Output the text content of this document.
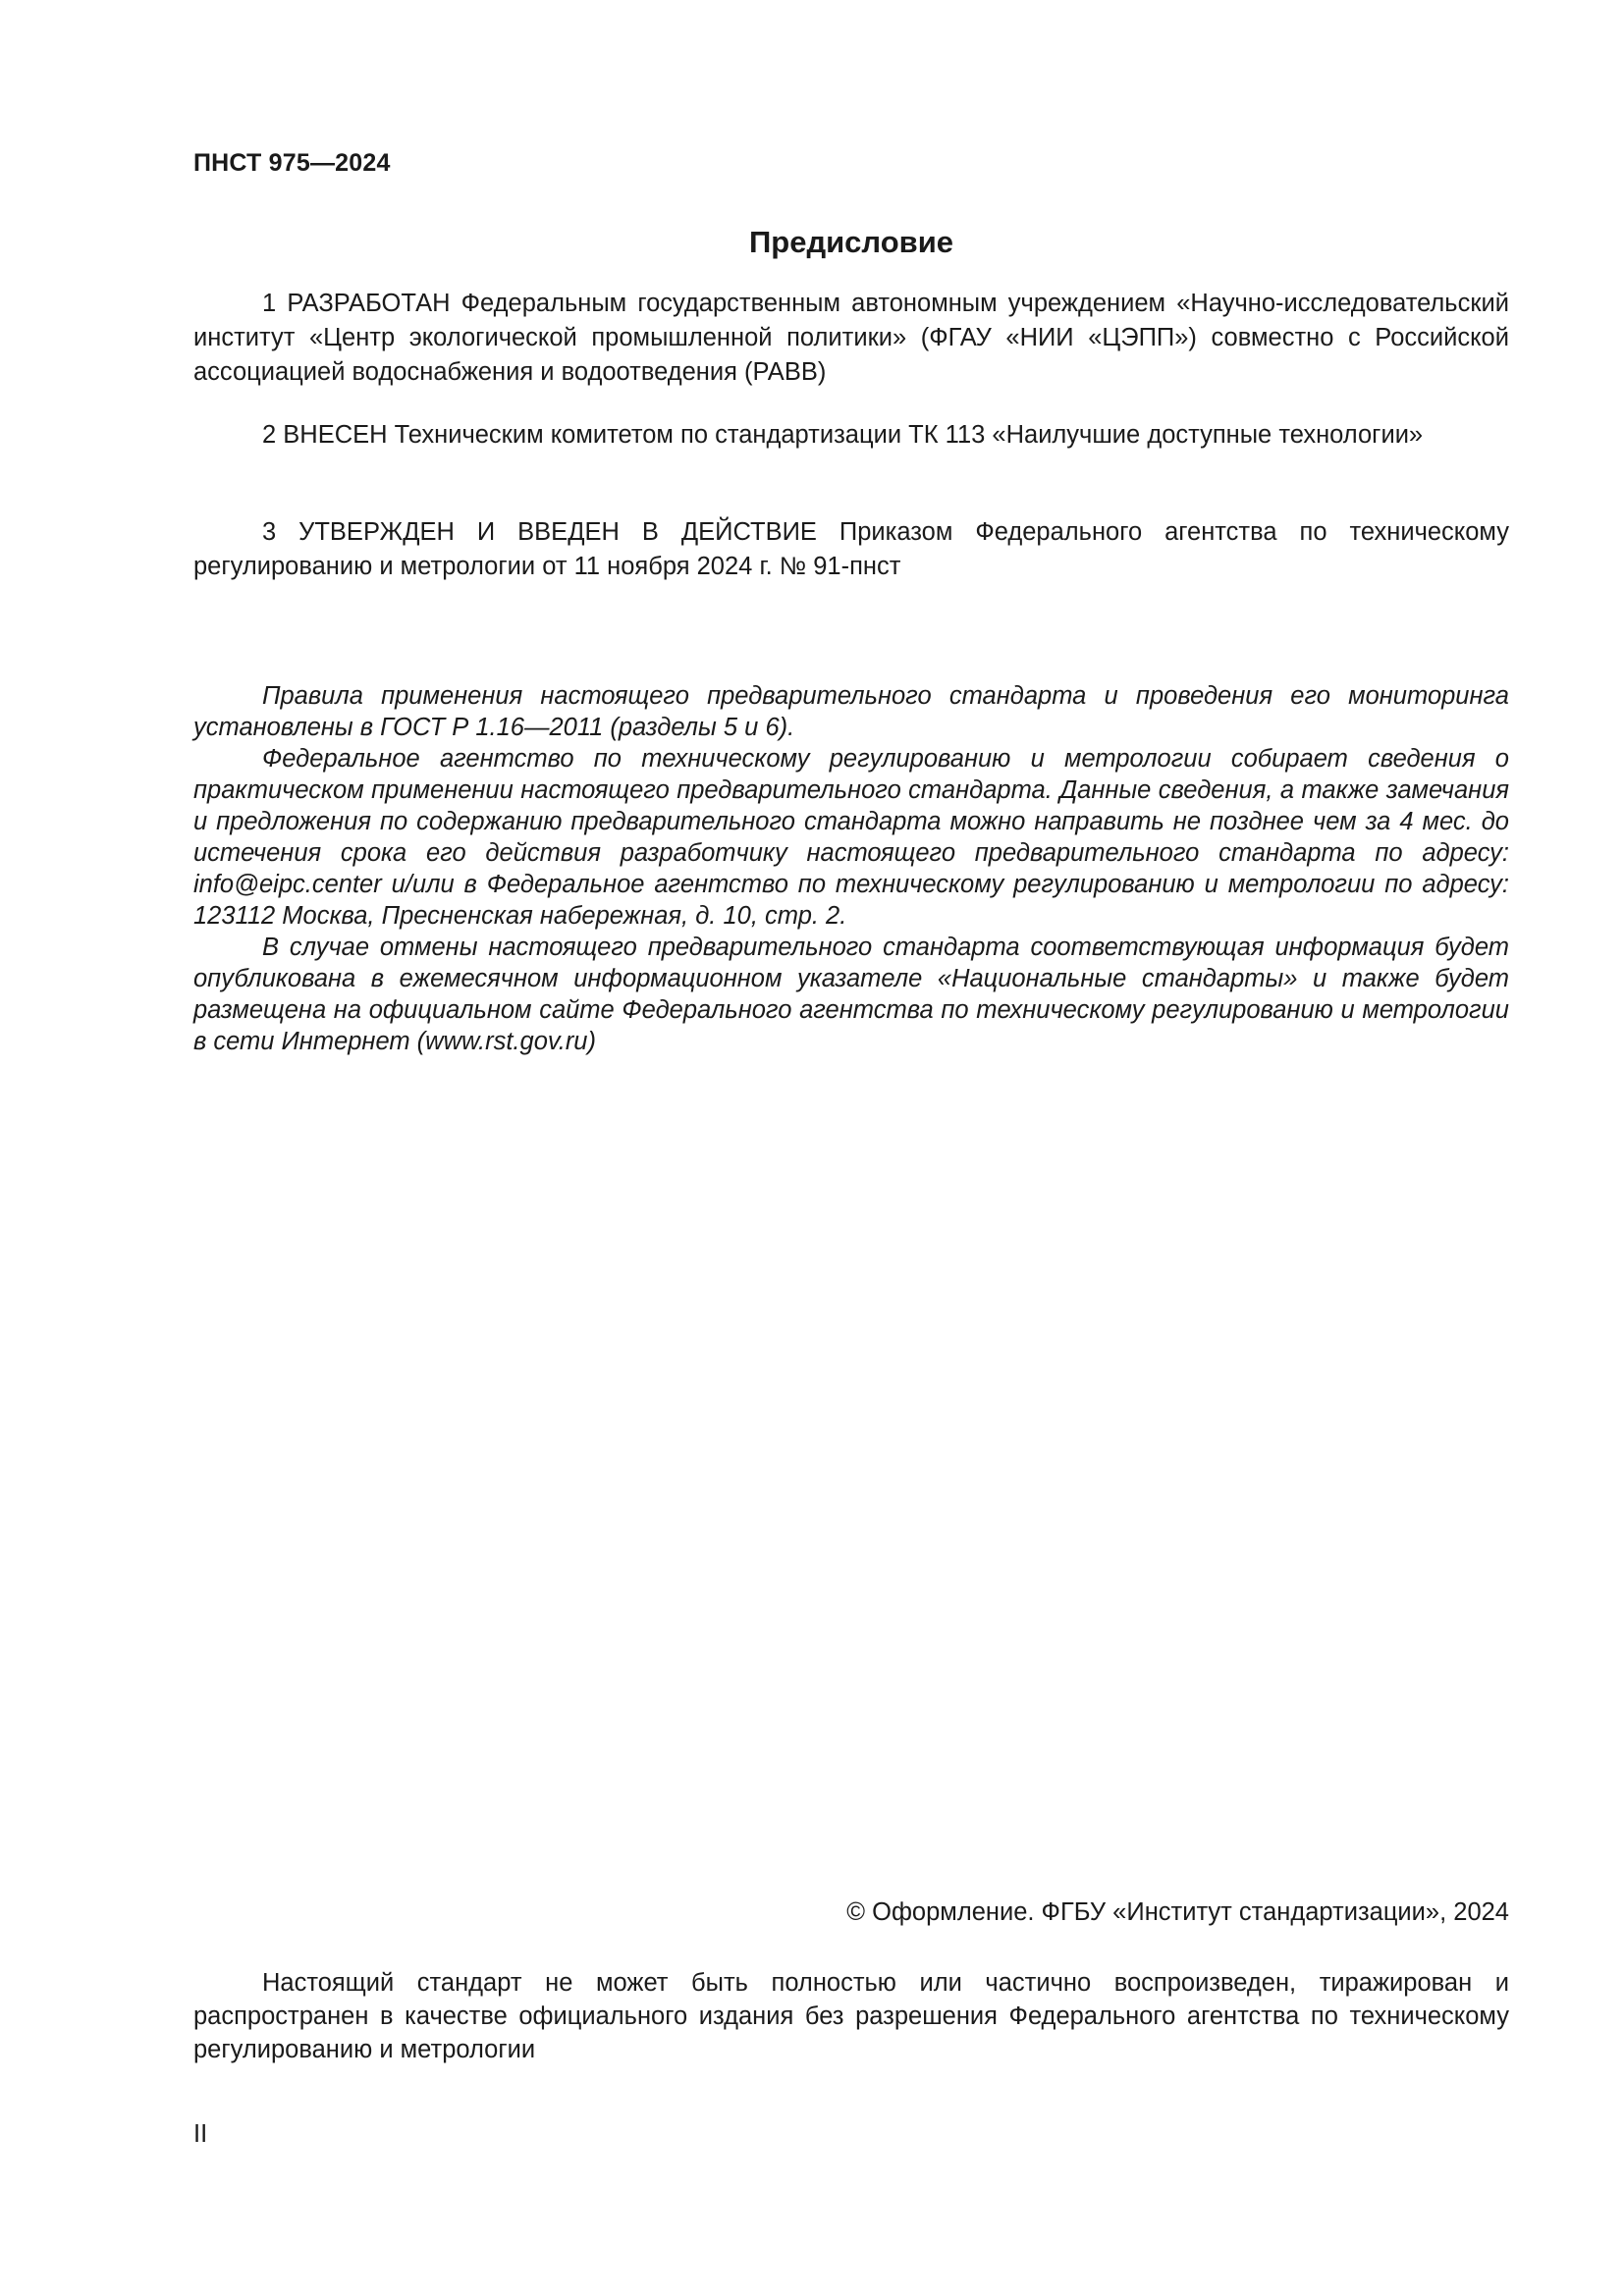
ПНСТ 975—2024
Предисловие

1 РАЗРАБОТАН Федеральным государственным автономным учреждением «Научно-исследовательский институт «Центр экологической промышленной политики» (ФГАУ «НИИ «ЦЭПП») совместно с Российской ассоциацией водоснабжения и водоотведения (РАВВ)

2 ВНЕСЕН Техническим комитетом по стандартизации ТК 113 «Наилучшие доступные технологии»

3 УТВЕРЖДЕН И ВВЕДЕН В ДЕЙСТВИЕ Приказом Федерального агентства по техническому регулированию и метрологии от 11 ноября 2024 г. № 91-пнст

Правила применения настоящего предварительного стандарта и проведения его мониторинга установлены в ГОСТ Р 1.16—2011 (разделы 5 и 6).

Федеральное агентство по техническому регулированию и метрологии собирает сведения о практическом применении настоящего предварительного стандарта. Данные сведения, а также замечания и предложения по содержанию предварительного стандарта можно направить не позднее чем за 4 мес. до истечения срока его действия разработчику настоящего предварительного стандарта по адресу: info@eipc.center и/или в Федеральное агентство по техническому регулированию и метрологии по адресу: 123112 Москва, Пресненская набережная, д. 10, стр. 2.

В случае отмены настоящего предварительного стандарта соответствующая информация будет опубликована в ежемесячном информационном указателе «Национальные стандарты» и также будет размещена на официальном сайте Федерального агентства по техническому регулированию и метрологии в сети Интернет (www.rst.gov.ru)

© Оформление. ФГБУ «Институт стандартизации», 2024

Настоящий стандарт не может быть полностью или частично воспроизведен, тиражирован и распространен в качестве официального издания без разрешения Федерального агентства по техническому регулированию и метрологии

II
